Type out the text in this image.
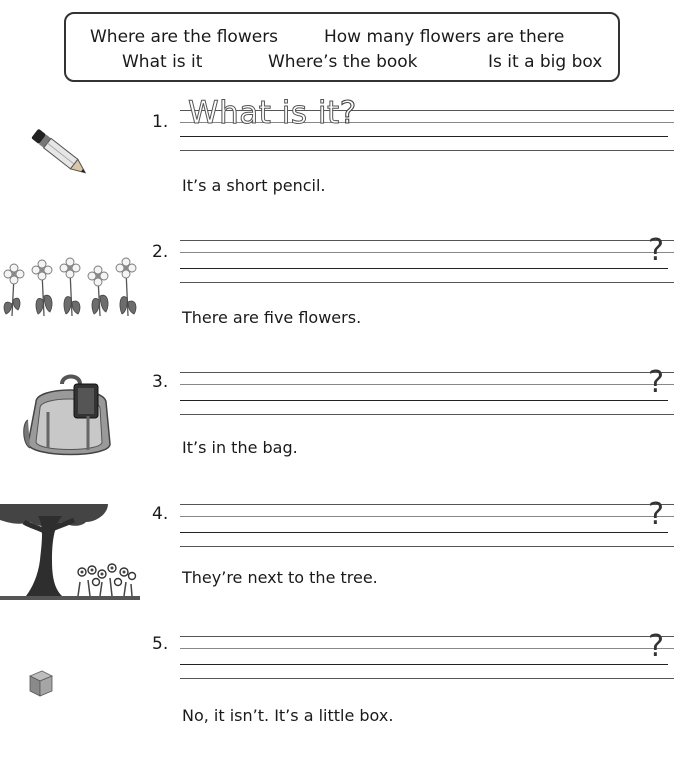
Where are the flowers	How many flowers are there
What is it	Where’s the book	Is it a big box
1. What is it?
It’s a short pencil.
2.	?
There are five flowers.
3.	?
It’s in the bag.
4.	?
They’re next to the tree.
5.	?
No, it isn’t. It’s a little box.
